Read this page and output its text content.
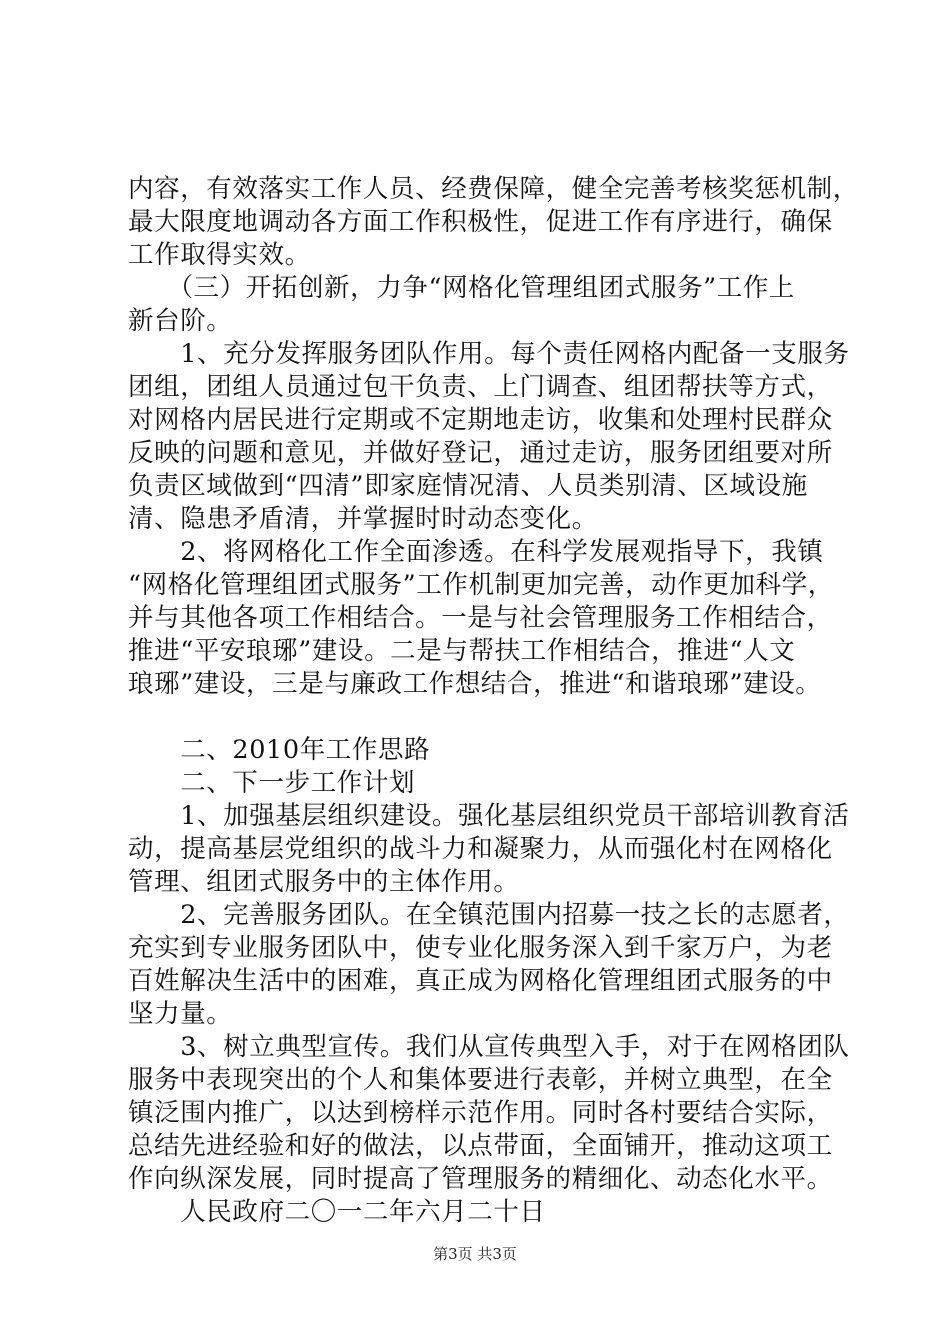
内容，有效落实工作人员、经费保障，健全完善考核奖惩机制，
最大限度地调动各方面工作积极性，促进工作有序进行，确保
工作取得实效。
　　（三）开拓创新，力争“网格化管理组团式服务”工作上
新台阶。
　　1、充分发挥服务团队作用。每个责任网格内配备一支服务
团组，团组人员通过包干负责、上门调查、组团帮扶等方式，
对网格内居民进行定期或不定期地走访，收集和处理村民群众
反映的问题和意见，并做好登记，通过走访，服务团组要对所
负责区域做到“四清”即家庭情况清、人员类别清、区域设施
清、隐患矛盾清，并掌握时时动态变化。
　　2、将网格化工作全面渗透。在科学发展观指导下，我镇
“网格化管理组团式服务”工作机制更加完善，动作更加科学，
并与其他各项工作相结合。一是与社会管理服务工作相结合，
推进“平安琅琊”建设。二是与帮扶工作相结合，推进“人文
琅琊”建设，三是与廉政工作想结合，推进“和谐琅琊”建设。
　　二、2010年工作思路
　　二、下一步工作计划
　　1、加强基层组织建设。强化基层组织党员干部培训教育活
动，提高基层党组织的战斗力和凝聚力，从而强化村在网格化
管理、组团式服务中的主体作用。
　　2、完善服务团队。在全镇范围内招募一技之长的志愿者，
充实到专业服务团队中，使专业化服务深入到千家万户，为老
百姓解决生活中的困难，真正成为网格化管理组团式服务的中
坚力量。
　　3、树立典型宣传。我们从宣传典型入手，对于在网格团队
服务中表现突出的个人和集体要进行表彰，并树立典型，在全
镇泛围内推广，以达到榜样示范作用。同时各村要结合实际，
总结先进经验和好的做法，以点带面，全面铺开，推动这项工
作向纵深发展，同时提高了管理服务的精细化、动态化水平。
　　人民政府二〇一二年六月二十日
第3页 共3页
